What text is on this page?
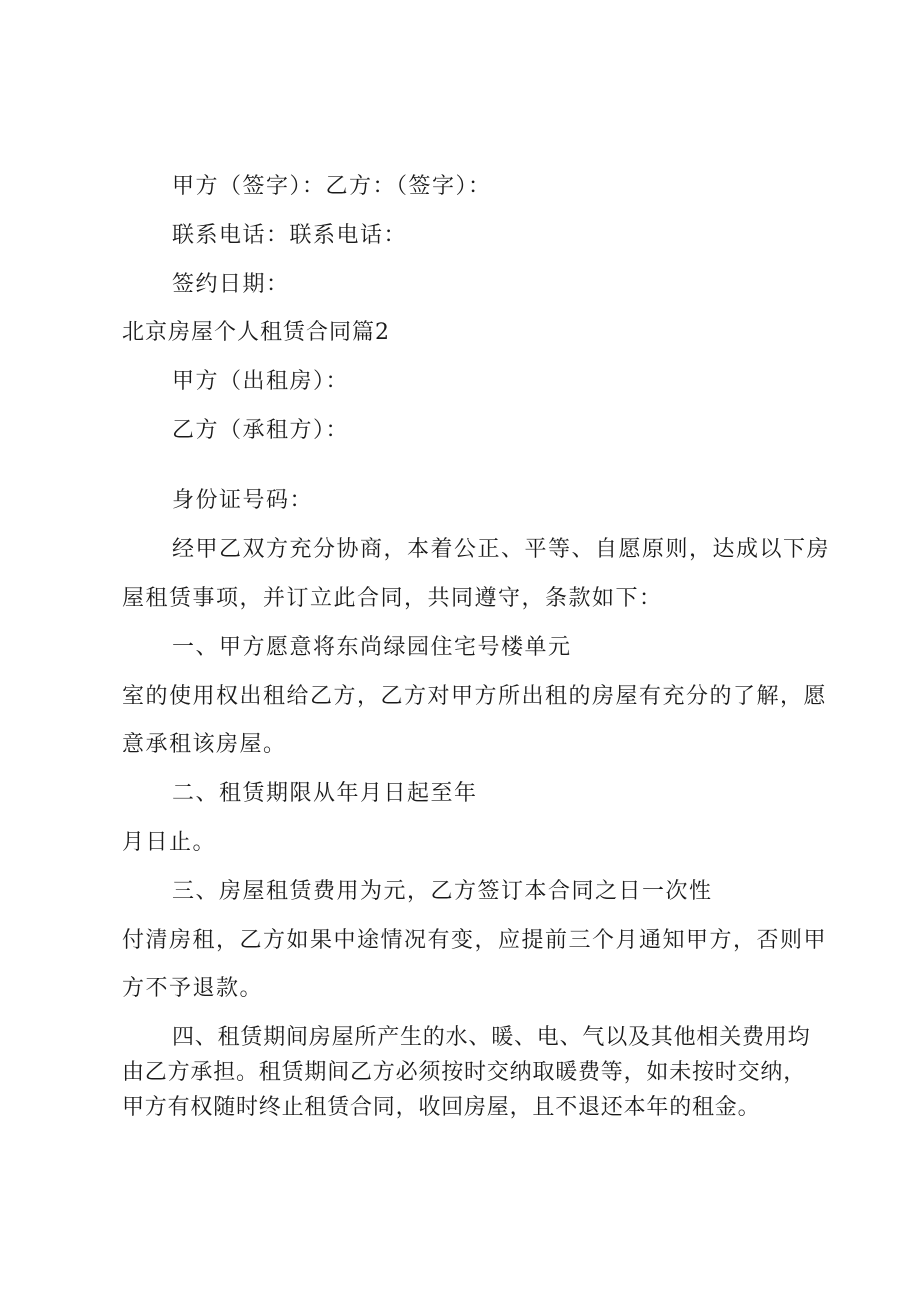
甲方（签字）：乙方：（签字）：
联系电话：联系电话：
签约日期：
北京房屋个人租赁合同篇2
甲方（出租房）：
乙方（承租方）：
身份证号码：
经甲乙双方充分协商，本着公正、平等、自愿原则，达成以下房
屋租赁事项，并订立此合同，共同遵守，条款如下：
一、甲方愿意将东尚绿园住宅号楼单元
室的使用权出租给乙方，乙方对甲方所出租的房屋有充分的了解，愿
意承租该房屋。
二、租赁期限从年月日起至年
月日止。
三、房屋租赁费用为元，乙方签订本合同之日一次性
付清房租，乙方如果中途情况有变，应提前三个月通知甲方，否则甲
方不予退款。
四、租赁期间房屋所产生的水、暖、电、气以及其他相关费用均
由乙方承担。租赁期间乙方必须按时交纳取暖费等，如未按时交纳，
甲方有权随时终止租赁合同，收回房屋，且不退还本年的租金。
